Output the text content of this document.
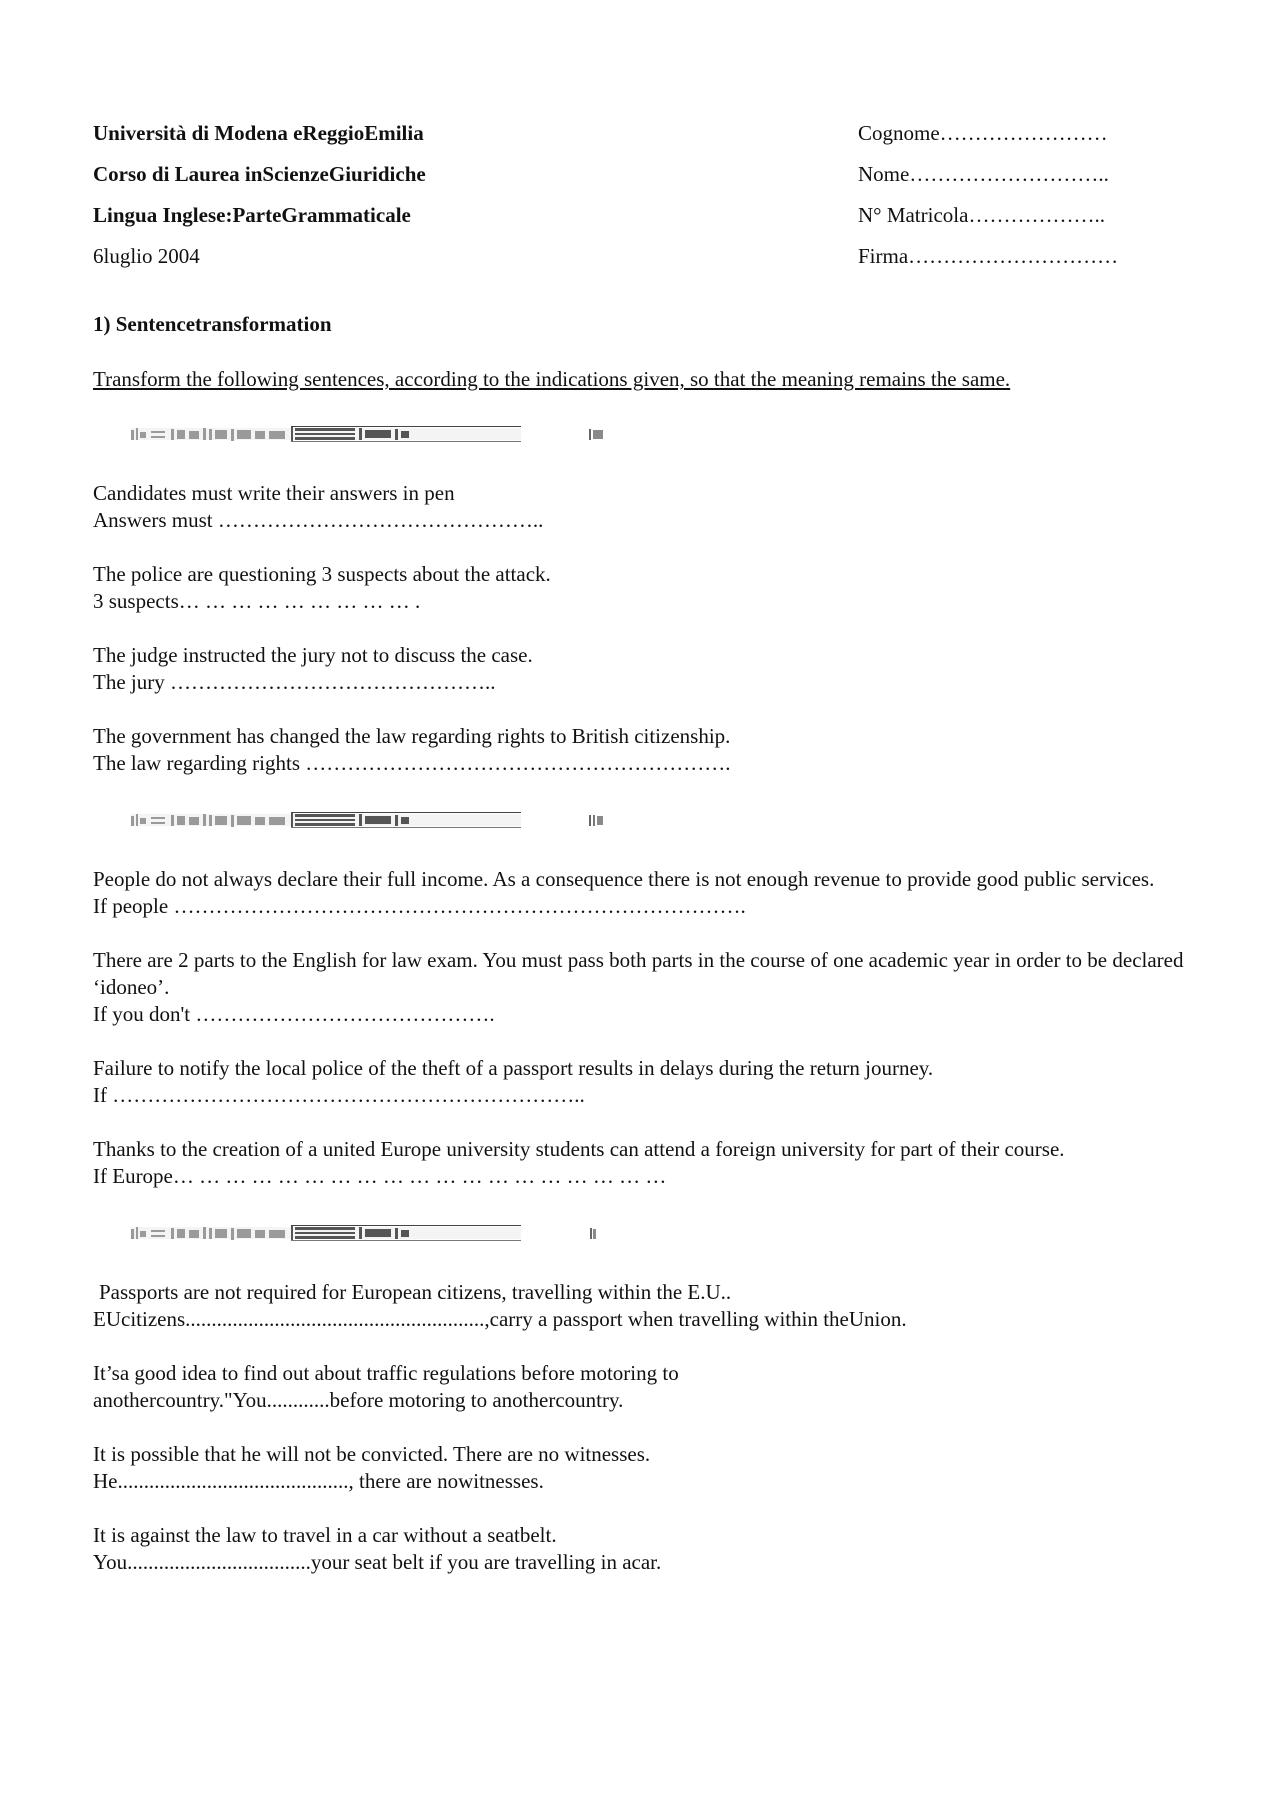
Università di Modena eReggioEmilia
Corso di Laurea inScienzeGiuridiche
Lingua Inglese:ParteGrammaticale
6luglio 2004
Cognome……………………
Nome………………………..
N° Matricola………………..
Firma…………………………
1) Sentencetransformation
Transform the following sentences, according to the indications given, so that the meaning remains the same.

Candidates must write their answers in pen

Answers must ………………………………………..

The police are questioning 3 suspects about the attack.

3 suspects… … … … … … … … … .

The judge instructed the jury not to discuss the case.

The jury ………………………………………..

The government has changed the law regarding rights to British citizenship.

The law regarding rights …………………………………………………….

People do not always declare their full income. As a consequence there is not enough revenue to provide good public services.

If people ……………………………………………………………………….

There are 2 parts to the English for law exam. You must pass both parts in the course of one academic year in order to be declared ‘idoneo’.

If you don't …………………………………….

Failure to notify the local police of the theft of a passport results in delays during the return journey.

If …………………………………………………………..

Thanks to the creation of a united Europe university students can attend a foreign university for part of their course.

If Europe… … … … … … … … … … … … … … … … … … …

Passports are not required for European citizens, travelling within the E.U..

EUcitizens.........................................................,carry a passport when travelling within theUnion.

It’sa good idea to find out about traffic regulations before motoring to

anothercountry."You............before motoring to anothercountry.

It is possible that he will not be convicted. There are no witnesses.

He............................................, there are nowitnesses.

It is against the law to travel in a car without a seatbelt.

You...................................your seat belt if you are travelling in acar.
